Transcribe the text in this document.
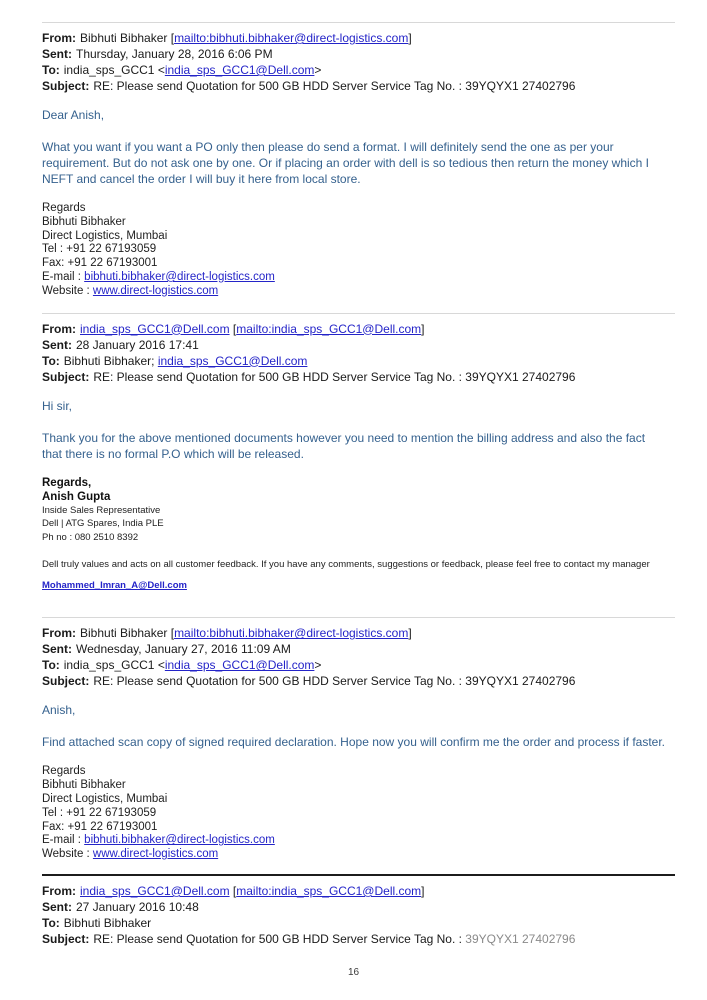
From: Bibhuti Bibhaker [mailto:bibhuti.bibhaker@direct-logistics.com]
Sent: Thursday, January 28, 2016 6:06 PM
To: india_sps_GCC1 <india_sps_GCC1@Dell.com>
Subject: RE: Please send Quotation for 500 GB HDD Server Service Tag No. : 39YQYX1 27402796
Dear Anish,
What you want if you want a PO only then please do send a format. I will definitely send the one as per your requirement. But do not ask one by one. Or if placing an order with dell is so tedious then return the money which I NEFT and cancel the order I will buy it here from local store.
Regards
Bibhuti Bibhaker
Direct Logistics, Mumbai
Tel : +91 22 67193059
Fax: +91 22 67193001
E-mail : bibhuti.bibhaker@direct-logistics.com
Website : www.direct-logistics.com
From: india_sps_GCC1@Dell.com [mailto:india_sps_GCC1@Dell.com]
Sent: 28 January 2016 17:41
To: Bibhuti Bibhaker; india_sps_GCC1@Dell.com
Subject: RE: Please send Quotation for 500 GB HDD Server Service Tag No. : 39YQYX1 27402796
Hi sir,
Thank you for the above mentioned documents however you need to mention the billing address and also the fact that there is no formal P.O which will be released.
Regards,
Anish Gupta
Inside Sales Representative
Dell | ATG Spares, India PLE
Ph no : 080 2510 8392
Dell truly values and acts on all customer feedback. If you have any comments, suggestions or feedback, please feel free to contact my manager Mohammed_Imran_A@Dell.com
From: Bibhuti Bibhaker [mailto:bibhuti.bibhaker@direct-logistics.com]
Sent: Wednesday, January 27, 2016 11:09 AM
To: india_sps_GCC1 <india_sps_GCC1@Dell.com>
Subject: RE: Please send Quotation for 500 GB HDD Server Service Tag No. : 39YQYX1 27402796
Anish,
Find attached scan copy of signed required declaration. Hope now you will confirm me the order and process if faster.
Regards
Bibhuti Bibhaker
Direct Logistics, Mumbai
Tel : +91 22 67193059
Fax: +91 22 67193001
E-mail : bibhuti.bibhaker@direct-logistics.com
Website : www.direct-logistics.com
From: india_sps_GCC1@Dell.com [mailto:india_sps_GCC1@Dell.com]
Sent: 27 January 2016 10:48
To: Bibhuti Bibhaker
Subject: RE: Please send Quotation for 500 GB HDD Server Service Tag No. : 39YQYX1 27402796
16
